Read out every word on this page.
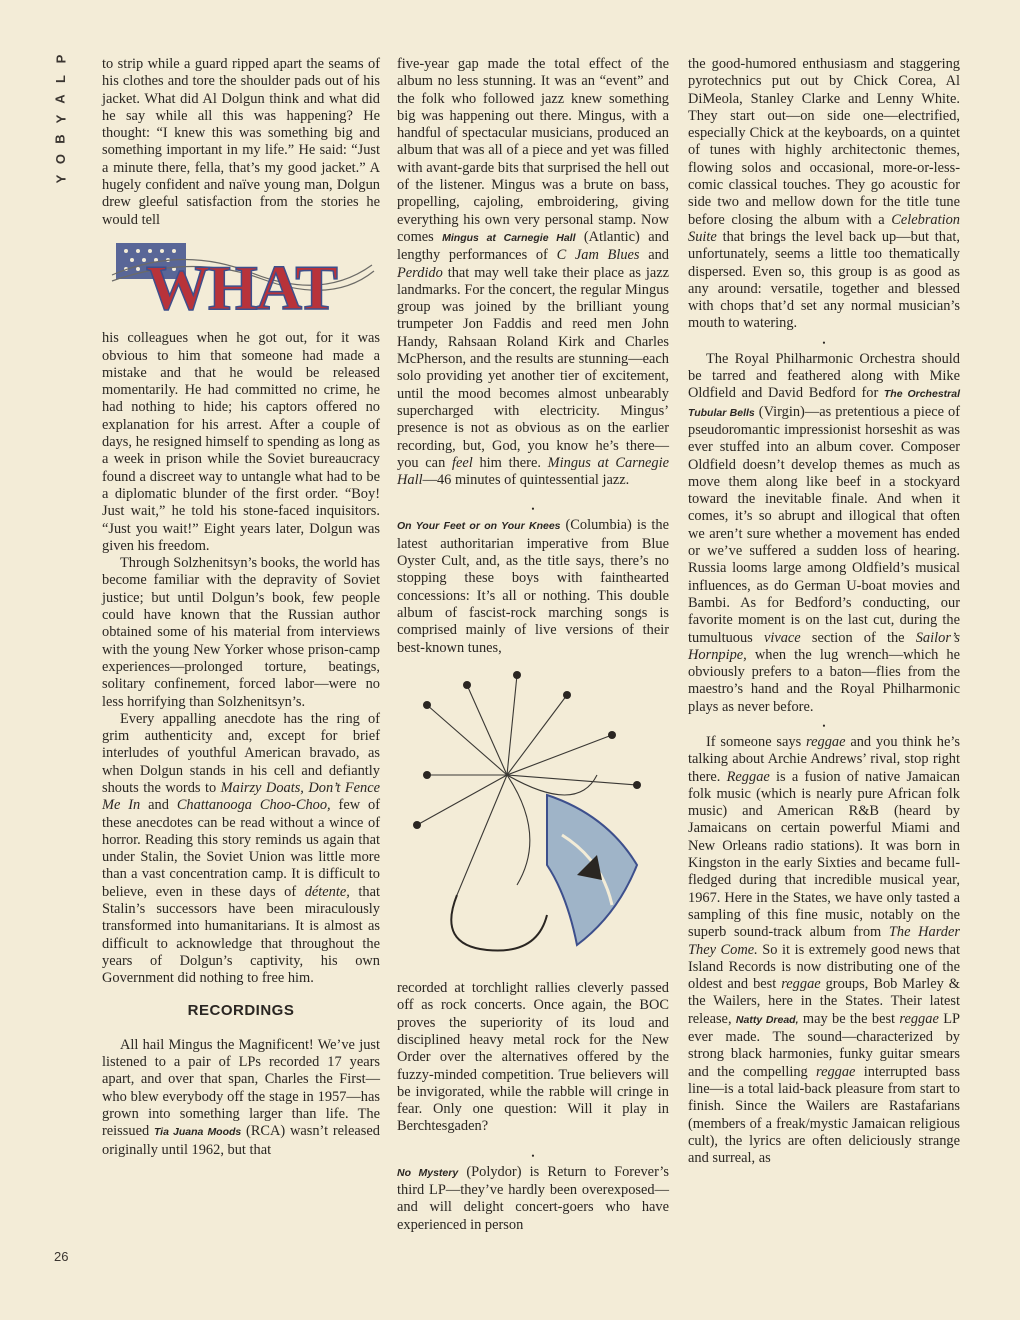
P
L
A
Y
B
O
Y
26

to strip while a guard ripped apart the seams of his clothes and tore the shoulder pads out of his jacket. What did Al Dolgun think and what did he say while all this was happening? He thought: “I knew this was something big and something important in my life.” He said: “Just a minute there, fella, that’s my good jacket.” A hugely confident and naïve young man, Dolgun drew gleeful satisfaction from the stories he would tell

WHAT

his colleagues when he got out, for it was obvious to him that someone had made a mistake and that he would be released momentarily. He had committed no crime, he had nothing to hide; his captors offered no explanation for his arrest. After a couple of days, he resigned himself to spending as long as a week in prison while the Soviet bureaucracy found a discreet way to untangle what had to be a diplomatic blunder of the first order. “Boy! Just wait,” he told his stone-faced inquisitors. “Just you wait!” Eight years later, Dolgun was given his freedom.

Through Solzhenitsyn’s books, the world has become familiar with the depravity of Soviet justice; but until Dolgun’s book, few people could have known that the Russian author obtained some of his material from interviews with the young New Yorker whose prison-camp experiences—prolonged torture, beatings, solitary confinement, forced labor—were no less horrifying than Solzhenitsyn’s.

Every appalling anecdote has the ring of grim authenticity and, except for brief interludes of youthful American bravado, as when Dolgun stands in his cell and defiantly shouts the words to Mairzy Doats, Don’t Fence Me In and Chattanooga Choo-Choo, few of these anecdotes can be read without a wince of horror. Reading this story reminds us again that under Stalin, the Soviet Union was little more than a vast concentration camp. It is difficult to believe, even in these days of détente, that Stalin’s successors have been miraculously transformed into humanitarians. It is almost as difficult to acknowledge that throughout the years of Dolgun’s captivity, his own Government did nothing to free him.

RECORDINGS

All hail Mingus the Magnificent! We’ve just listened to a pair of LPs recorded 17 years apart, and over that span, Charles the First—who blew everybody off the stage in 1957—has grown into something larger than life. The reissued Tia Juana Moods (RCA) wasn’t released originally until 1962, but that

five-year gap made the total effect of the album no less stunning. It was an “event” and the folk who followed jazz knew something big was happening out there. Mingus, with a handful of spectacular musicians, produced an album that was all of a piece and yet was filled with avant-garde bits that surprised the hell out of the listener. Mingus was a brute on bass, propelling, cajoling, embroidering, giving everything his own very personal stamp. Now comes Mingus at Carnegie Hall (Atlantic) and lengthy performances of C Jam Blues and Perdido that may well take their place as jazz landmarks. For the concert, the regular Mingus group was joined by the brilliant young trumpeter Jon Faddis and reed men John Handy, Rahsaan Roland Kirk and Charles McPherson, and the results are stunning—each solo providing yet another tier of excitement, until the mood becomes almost unbearably supercharged with electricity. Mingus’ presence is not as obvious as on the earlier recording, but, God, you know he’s there—you can feel him there. Mingus at Carnegie Hall—46 minutes of quintessential jazz.

•

On Your Feet or on Your Knees (Columbia) is the latest authoritarian imperative from Blue Oyster Cult, and, as the title says, there’s no stopping these boys with fainthearted concessions: It’s all or nothing. This double album of fascist-rock marching songs is comprised mainly of live versions of their best-known tunes,

recorded at torchlight rallies cleverly passed off as rock concerts. Once again, the BOC proves the superiority of its loud and disciplined heavy metal rock for the New Order over the alternatives offered by the fuzzy-minded competition. True believers will be invigorated, while the rabble will cringe in fear. Only one question: Will it play in Berchtesgaden?

•

No Mystery (Polydor) is Return to Forever’s third LP—they’ve hardly been overexposed—and will delight concert-goers who have experienced in person

the good-humored enthusiasm and staggering pyrotechnics put out by Chick Corea, Al DiMeola, Stanley Clarke and Lenny White. They start out—on side one—electrified, especially Chick at the keyboards, on a quintet of tunes with highly architectonic themes, flowing solos and occasional, more-or-less-comic classical touches. They go acoustic for side two and mellow down for the title tune before closing the album with a Celebration Suite that brings the level back up—but that, unfortunately, seems a little too thematically dispersed. Even so, this group is as good as any around: versatile, together and blessed with chops that’d set any normal musician’s mouth to watering.

•

The Royal Philharmonic Orchestra should be tarred and feathered along with Mike Oldfield and David Bedford for The Orchestral Tubular Bells (Virgin)—as pretentious a piece of pseudoromantic impressionist horseshit as was ever stuffed into an album cover. Composer Oldfield doesn’t develop themes as much as move them along like beef in a stockyard toward the inevitable finale. And when it comes, it’s so abrupt and illogical that often we aren’t sure whether a movement has ended or we’ve suffered a sudden loss of hearing. Russia looms large among Oldfield’s musical influences, as do German U-boat movies and Bambi. As for Bedford’s conducting, our favorite moment is on the last cut, during the tumultuous vivace section of the Sailor’s Hornpipe, when the lug wrench—which he obviously prefers to a baton—flies from the maestro’s hand and the Royal Philharmonic plays as never before.

•

If someone says reggae and you think he’s talking about Archie Andrews’ rival, stop right there. Reggae is a fusion of native Jamaican folk music (which is nearly pure African folk music) and American R&B (heard by Jamaicans on certain powerful Miami and New Orleans radio stations). It was born in Kingston in the early Sixties and became full-fledged during that incredible musical year, 1967. Here in the States, we have only tasted a sampling of this fine music, notably on the superb sound-track album from The Harder They Come. So it is extremely good news that Island Records is now distributing one of the oldest and best reggae groups, Bob Marley & the Wailers, here in the States. Their latest release, Natty Dread, may be the best reggae LP ever made. The sound—characterized by strong black harmonies, funky guitar smears and the compelling reggae interrupted bass line—is a total laid-back pleasure from start to finish. Since the Wailers are Rastafarians (members of a freak/mystic Jamaican religious cult), the lyrics are often deliciously strange and surreal, as
